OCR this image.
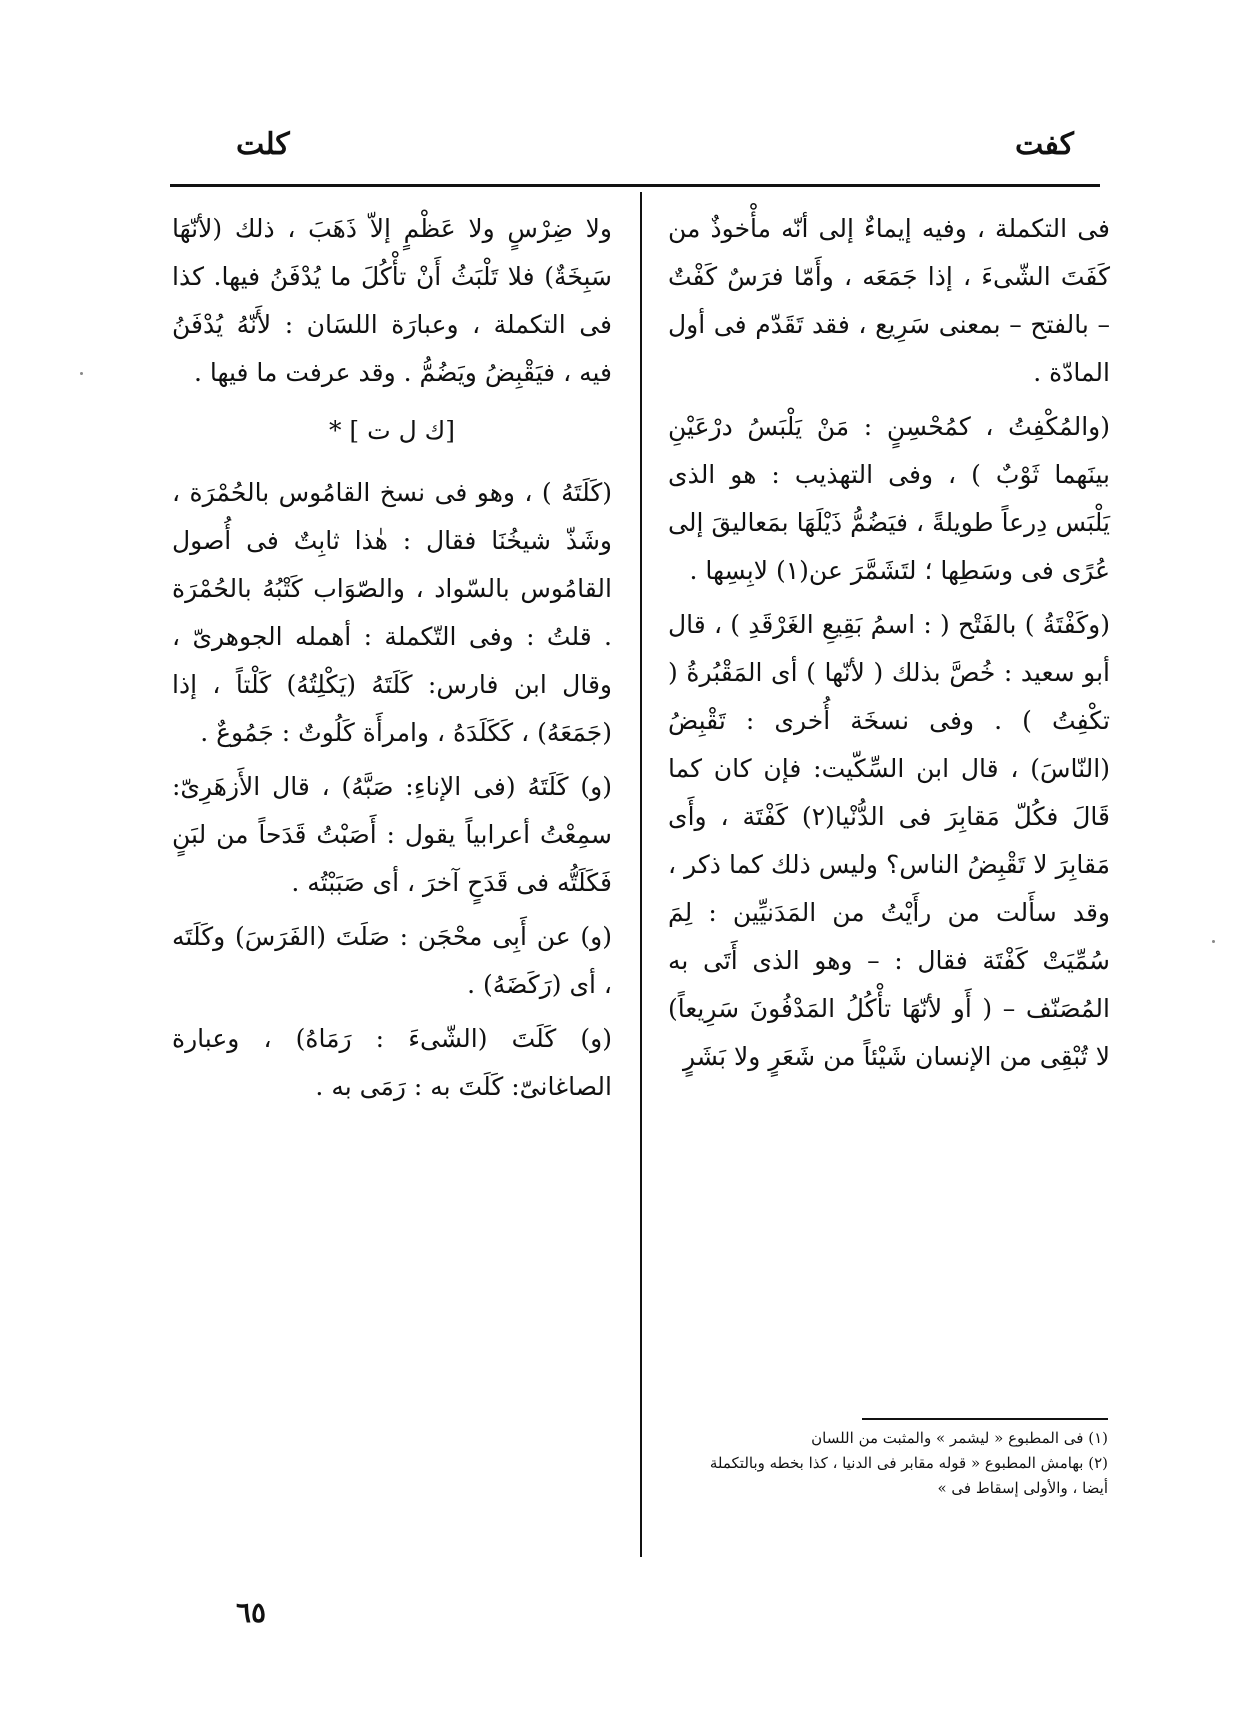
كفت
كلت

فى التكملة ، وفيه إيماءٌ إلى أنّه مأْخوذٌ من كَفَتَ الشّىءَ ، إذا جَمَعَه ، وأَمّا فرَسٌ كَفْتٌ – بالفتح – بمعنى سَرِيع ، فقد تَقَدّم فى أول المادّة .

(والمُكْفِتُ ، كمُحْسِنٍ : مَنْ يَلْبَسُ درْعَيْنِ بينَهما ثَوْبٌ ) ، وفى التهذيب : هو الذى يَلْبَس دِرعاً طويلةً ، فيَضُمُّ ذَيْلَهَا بمَعاليقَ إلى عُرًى فى وسَطِها ؛ لتَشَمَّرَ عن(١) لابِسِها .

(وكَفْتَةُ ) بالفَتْح ( : اسمُ بَقِيعِ الغَرْقَدِ ) ، قال أبو سعيد : خُصَّ بذلك ( لأنّها ) أى المَقْبُرةُ ( تكْفِتُ ) . وفى نسخَة أُخرى : تَقْبِضُ (النّاسَ) ، قال ابن السِّكّيت: فإن كان كما قَالَ فكُلّ مَقابِرَ فى الدُّنْيا(٢) كَفْتَة ، وأَى مَقابِرَ لا تَقْبِضُ الناس؟ وليس ذلك كما ذكر ، وقد سأَلت من رأَيْتُ من المَدَنيِّين : لِمَ سُمِّيَتْ كَفْتَة فقال : – وهو الذى أَتَى به المُصَنّف – ( أَو لأنّهَا تأْكُلُ المَدْفُونَ سَرِيعاً) لا تُبْقِى من الإنسان شَيْئاً من شَعَرٍ ولا بَشَرٍ

ولا ضِرْسٍ ولا عَظْمٍ إلاّ ذَهَبَ ، ذلك (لأنّهَا سَبِخَةٌ) فلا تَلْبَثُ أَنْ تأْكُلَ ما يُدْفَنُ فيها. كذا فى التكملة ، وعبارَة اللسَان : لأَنّهُ يُدْفَنُ فيه ، فيَقْبِضُ ويَضُمُّ . وقد عرفت ما فيها .

[ك ل ت ] *

(كَلَتَهُ ) ، وهو فى نسخ القامُوس بالحُمْرَة ، وشَذّ شيخُنَا فقال : هٰذا ثابِتٌ فى أُصول القامُوس بالسّواد ، والصّوَاب كَتْبُهُ بالحُمْرَة . قلتُ : وفى التّكملة : أهمله الجوهرىّ ، وقال ابن فارس: كَلَتَهُ (يَكْلِتُهُ) كَلْتاً ، إذا (جَمَعَهُ) ، كَكَلَدَهُ ، وامرأَة كَلُوتٌ : جَمُوعٌ .

(و) كَلَتَهُ (فى الإناءِ: صَبَّهُ) ، قال الأَزهَرِىّ: سمِعْتُ أعرابياً يقول : أَصَبْتُ قَدَحاً من لبَنٍ فَكَلَتُّه فى قَدَحٍ آخرَ ، أى صَبَبْتُه .

(و) عن أَبِى محْجَن : صَلَتَ (الفَرَسَ) وكَلَتَه ، أى (رَكَضَهُ) .

(و) كَلَتَ (الشّىءَ : رَمَاهُ) ، وعبارة الصاغانىّ: كَلَتَ به : رَمَى به .

(١) فى المطبوع « ليشمر » والمثبت من اللسان

(٢) بهامش المطبوع « قوله مقابر فى الدنيا ، كذا بخطه وبالتكملة أيضا ، والأولى إسقاط فى »

٦٥
